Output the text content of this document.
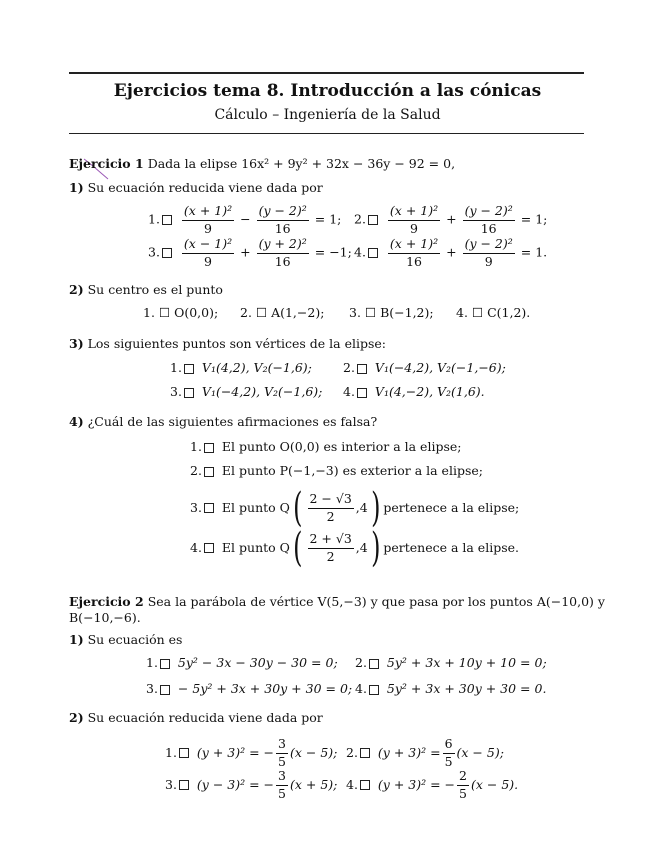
Ejercicios tema 8. Introducción a las cónicas
Cálculo – Ingeniería de la Salud
Ejercicio 1 Dada la elipse 16x² + 9y² + 32x − 36y − 92 = 0,
1) Su ecuación reducida viene dada por
1. $\frac{\text{(x + 1)²}}{9} - \frac{\text{(y − 2)²}}{16} = 1$; 2. $\frac{\text{(x + 1)²}}{9} + \frac{\text{(y − 2)²}}{16} = 1$;
3. $\frac{\text{(x − 1)²}}{9} + \frac{\text{(y + 2)²}}{16} = -1$; 4. $\frac{\text{(x + 1)²}}{16} + \frac{\text{(y − 2)²}}{9} = 1$.
2) Su centro es el punto
1. ☐ O(0,0); 2. ☐ A(1,−2); 3. ☐ B(−1,2); 4. ☐ C(1,2).
3) Los siguientes puntos son vértices de la elipse:
1. V₁(4,2), V₂(−1,6); 2. V₁(−4,2), V₂(−1,−6);
3. V₁(−4,2), V₂(−1,6); 4. V₁(4,−2), V₂(1,6).
4) ¿Cuál de las siguientes afirmaciones es falsa?
1. El punto O(0,0) es interior a la elipse;
2. El punto P(−1,−3) es exterior a la elipse;
3.
El punto Q ( $\frac{2 - √3}{2} ,4$ ) pertenece a la elipse;
4.
El punto Q ( $\frac{2 + √3}{2} ,4$ ) pertenece a la elipse.
Ejercicio 2 Sea la parábola de vértice V(5,−3) y que pasa por los puntos A(−10,0) y
B(−10,−6).
1) Su ecuación es
1. 5y² − 3x − 30y − 30 = 0; 2. 5y² + 3x + 10y + 10 = 0;
3. − 5y² + 3x + 30y + 30 = 0; 4. 5y² + 3x + 30y + 30 = 0.
2) Su ecuación reducida viene dada por
1.
(y + 3)² = − $\frac{3}{5} (x - 5)$; 2.
$(y + 3)^2 = \frac{6}{5} (x - 5)$;
3.
(y − 3)² = − $\frac{3}{5} (x + 5)$; 4.
(y + 3)² = − $\frac{2}{5} (x - 5)$.
